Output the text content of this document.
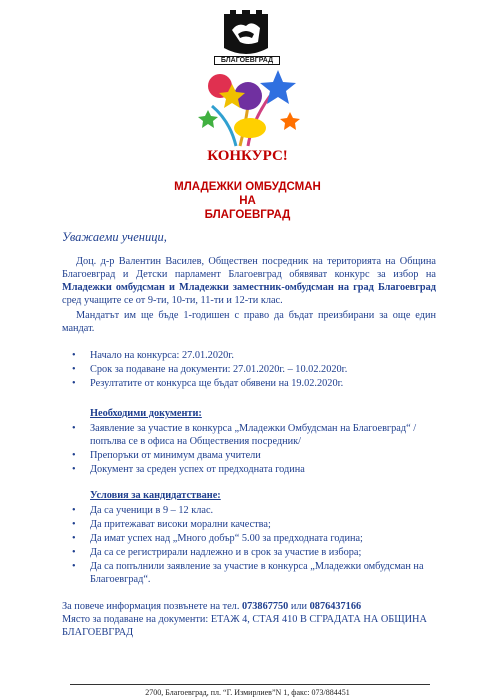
БЛАГОЕВГРАД
КОНКУРС!
МЛАДЕЖКИ ОМБУДСМАН
НА
БЛАГОЕВГРАД
Уважаеми ученици,
Доц. д-р Валентин Василев, Обществен посредник на територията на Община Благоевград и Детски парламент Благоевград обявяват конкурс за избор на Младежки омбудсман и Младежки заместник-омбудсман на град Благоевград сред учащите се от 9-ти, 10-ти, 11-ти и 12-ти клас.
Мандатът им ще бъде 1-годишен с право да бъдат преизбирани за още един мандат.
• Начало на конкурса: 27.01.2020г.
• Срок за подаване на документи: 27.01.2020г. – 10.02.2020г.
• Резултатите от конкурса ще бъдат обявени на 19.02.2020г.
Необходими документи:
• Заявление за участие в конкурса „Младежки Омбудсман на Благоевград“ /попълва се в офиса на Обществения посредник/
• Препоръки от минимум двама учители
• Документ за среден успех от предходната година
Условия за кандидатстване:
• Да са ученици в 9 – 12 клас.
• Да притежават високи морални качества;
• Да имат успех над „Много добър“ 5.00 за предходната година;
• Да са се регистрирали надлежно и в срок за участие в избора;
• Да са попълнили заявление за участие в конкурса „Младежки омбудсман на Благоевград“.
За повече информация позвънете на тел. 073867750 или 0876437166
Място за подаване на документи: ЕТАЖ 4, СТАЯ 410 В СГРАДАТА НА ОБЩИНА БЛАГОЕВГРАД
2700, Благоевград, пл. “Г. Измирлиев”N 1, факс: 073/884451
